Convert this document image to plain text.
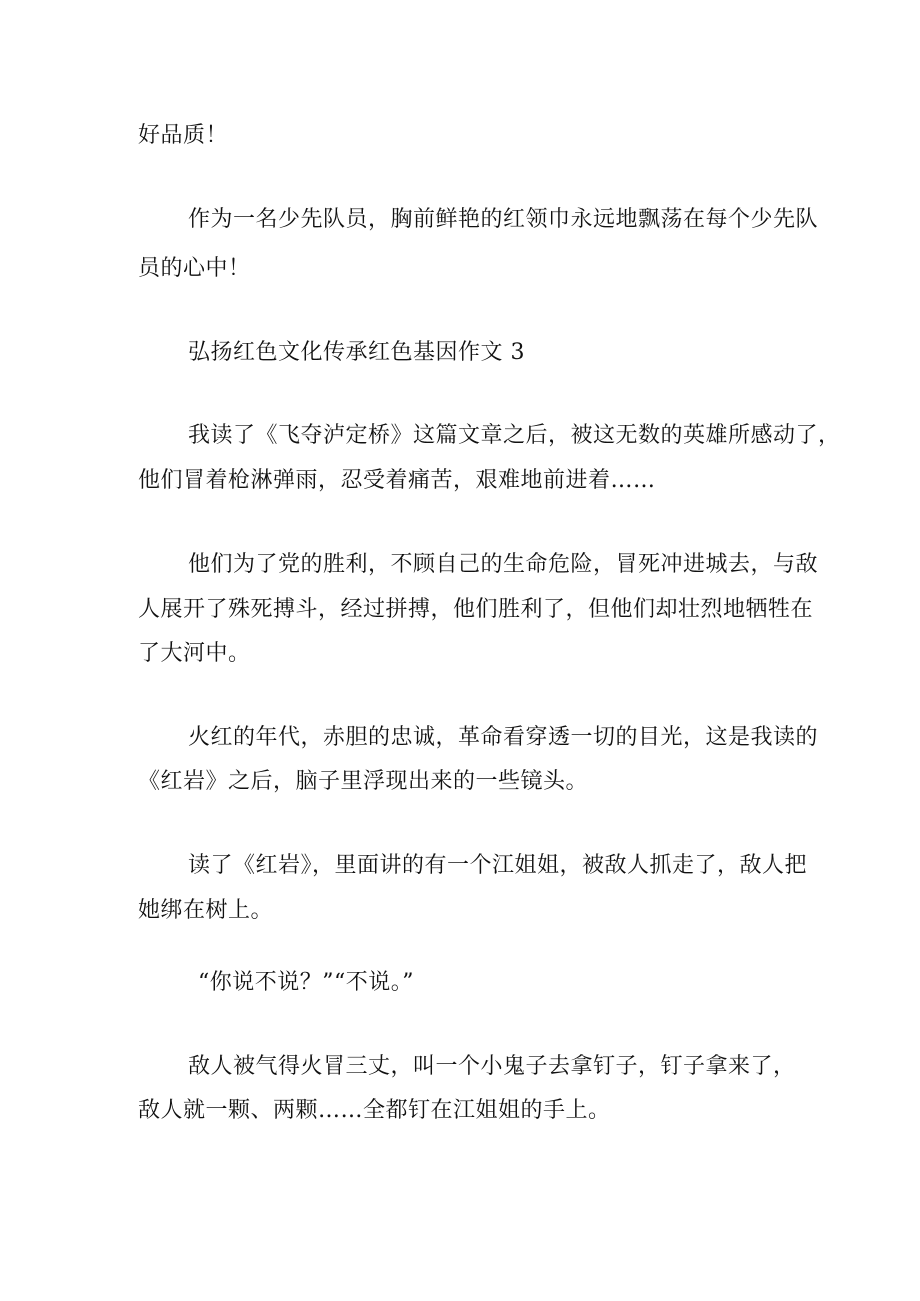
好品质！
作为一名少先队员，胸前鲜艳的红领巾永远地飘荡在每个少先队
员的心中！
弘扬红色文化传承红色基因作文 3
我读了《飞夺泸定桥》这篇文章之后，被这无数的英雄所感动了，
他们冒着枪淋弹雨，忍受着痛苦，艰难地前进着……
他们为了党的胜利，不顾自己的生命危险，冒死冲进城去，与敌
人展开了殊死搏斗，经过拼搏，他们胜利了，但他们却壮烈地牺牲在
了大河中。
火红的年代，赤胆的忠诚，革命看穿透一切的目光，这是我读的
《红岩》之后，脑子里浮现出来的一些镜头。
读了《红岩》，里面讲的有一个江姐姐，被敌人抓走了，敌人把
她绑在树上。
“你说不说？”“不说。”
敌人被气得火冒三丈，叫一个小鬼子去拿钉子，钉子拿来了，
敌人就一颗、两颗……全都钉在江姐姐的手上。
